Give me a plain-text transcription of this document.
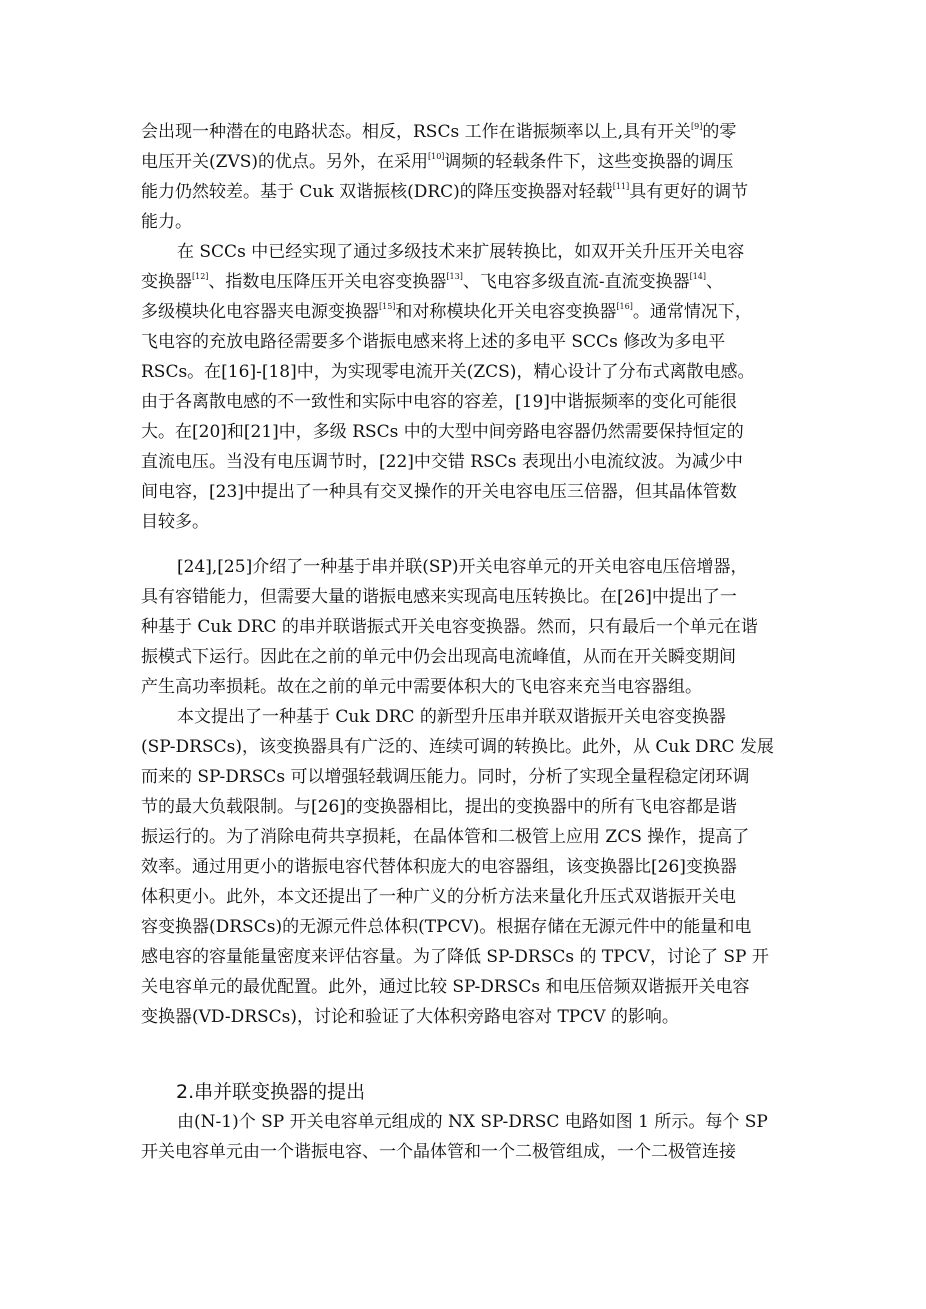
会出现一种潜在的电路状态。相反，RSCs 工作在谐振频率以上,具有开关[9]的零
电压开关(ZVS)的优点。另外，在采用[10]调频的轻载条件下，这些变换器的调压
能力仍然较差。基于 Cuk 双谐振核(DRC)的降压变换器对轻载[11]具有更好的调节
能力。
在 SCCs 中已经实现了通过多级技术来扩展转换比，如双开关升压开关电容
变换器[12]、指数电压降压开关电容变换器[13]、飞电容多级直流-直流变换器[14]、
多级模块化电容器夹电源变换器[15]和对称模块化开关电容变换器[16]。通常情况下，
飞电容的充放电路径需要多个谐振电感来将上述的多电平 SCCs 修改为多电平
RSCs。在[16]-[18]中，为实现零电流开关(ZCS)，精心设计了分布式离散电感。
由于各离散电感的不一致性和实际中电容的容差，[19]中谐振频率的变化可能很
大。在[20]和[21]中，多级 RSCs 中的大型中间旁路电容器仍然需要保持恒定的
直流电压。当没有电压调节时，[22]中交错 RSCs 表现出小电流纹波。为减少中
间电容，[23]中提出了一种具有交叉操作的开关电容电压三倍器，但其晶体管数
目较多。
[24],[25]介绍了一种基于串并联(SP)开关电容单元的开关电容电压倍增器，
具有容错能力，但需要大量的谐振电感来实现高电压转换比。在[26]中提出了一
种基于 Cuk DRC 的串并联谐振式开关电容变换器。然而，只有最后一个单元在谐
振模式下运行。因此在之前的单元中仍会出现高电流峰值，从而在开关瞬变期间
产生高功率损耗。故在之前的单元中需要体积大的飞电容来充当电容器组。
本文提出了一种基于 Cuk DRC 的新型升压串并联双谐振开关电容变换器
(SP-DRSCs)，该变换器具有广泛的、连续可调的转换比。此外，从 Cuk DRC 发展
而来的 SP-DRSCs 可以增强轻载调压能力。同时，分析了实现全量程稳定闭环调
节的最大负载限制。与[26]的变换器相比，提出的变换器中的所有飞电容都是谐
振运行的。为了消除电荷共享损耗，在晶体管和二极管上应用 ZCS 操作，提高了
效率。通过用更小的谐振电容代替体积庞大的电容器组，该变换器比[26]变换器
体积更小。此外，本文还提出了一种广义的分析方法来量化升压式双谐振开关电
容变换器(DRSCs)的无源元件总体积(TPCV)。根据存储在无源元件中的能量和电
感电容的容量能量密度来评估容量。为了降低 SP-DRSCs 的 TPCV，讨论了 SP 开
关电容单元的最优配置。此外，通过比较 SP-DRSCs 和电压倍频双谐振开关电容
变换器(VD-DRSCs)，讨论和验证了大体积旁路电容对 TPCV 的影响。
2.串并联变换器的提出
由(N-1)个 SP 开关电容单元组成的 NX SP-DRSC 电路如图 1 所示。每个 SP
开关电容单元由一个谐振电容、一个晶体管和一个二极管组成，一个二极管连接
